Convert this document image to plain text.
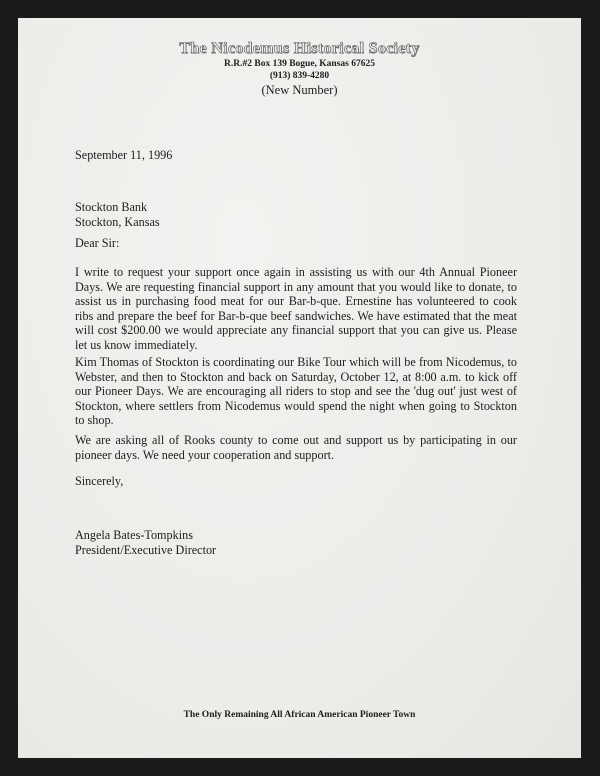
The Nicodemus Historical Society
R.R.#2 Box 139 Bogue, Kansas 67625
(913) 839-4280
(New Number)
September 11, 1996
Stockton Bank
Stockton, Kansas
Dear Sir:
I write to request your support once again in assisting us with our 4th Annual Pioneer Days. We are requesting financial support in any amount that you would like to donate, to assist us in purchasing food meat for our Bar-b-que. Ernestine has volunteered to cook ribs and prepare the beef for Bar-b-que beef sandwiches. We have estimated that the meat will cost $200.00 we would appreciate any financial support that you can give us. Please let us know immediately.
Kim Thomas of Stockton is coordinating our Bike Tour which will be from Nicodemus, to Webster, and then to Stockton and back on Saturday, October 12, at 8:00 a.m. to kick off our Pioneer Days. We are encouraging all riders to stop and see the 'dug out' just west of Stockton, where settlers from Nicodemus would spend the night when going to Stockton to shop.
We are asking all of Rooks county to come out and support us by participating in our pioneer days. We need your cooperation and support.
Sincerely,
Angela Bates-Tompkins
President/Executive Director
The Only Remaining All African American Pioneer Town
